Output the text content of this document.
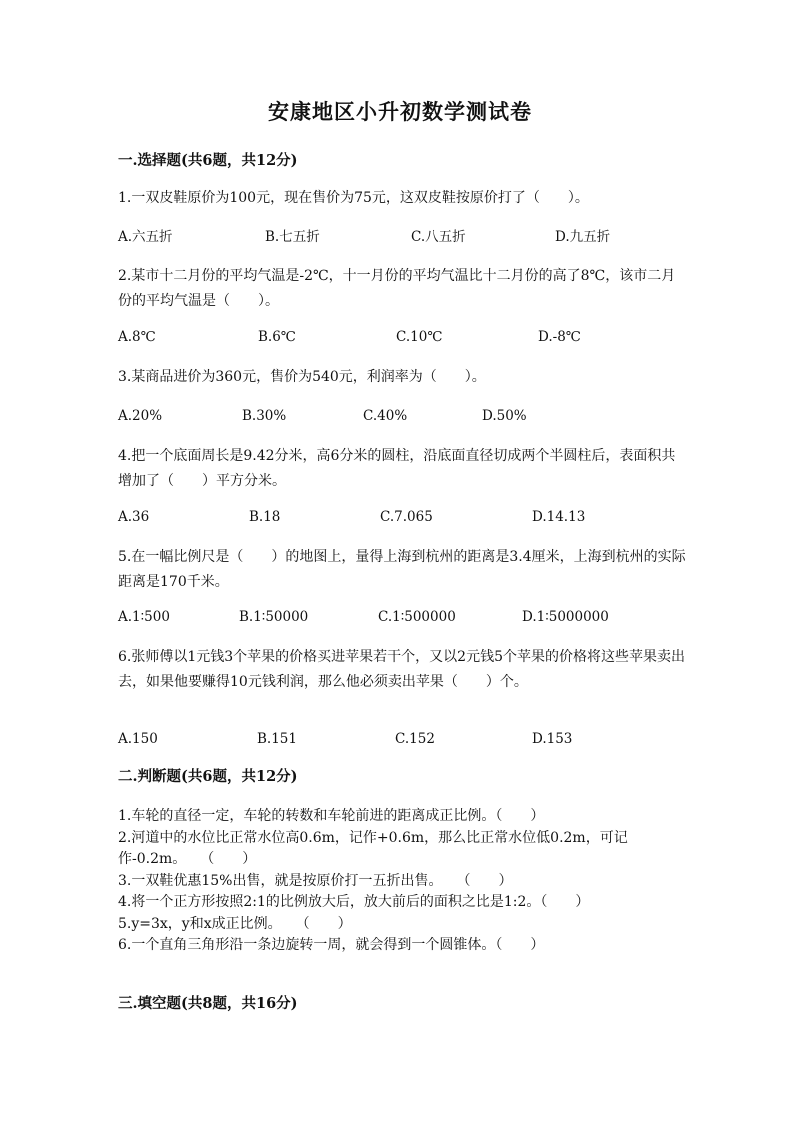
安康地区小升初数学测试卷
一.选择题(共6题，共12分)
1.一双皮鞋原价为100元，现在售价为75元，这双皮鞋按原价打了（　　）。
A.六五折	B.七五折	C.八五折	D.九五折
2.某市十二月份的平均气温是-2℃，十一月份的平均气温比十二月份的高了8℃，该市二月份的平均气温是（　　）。
A.8℃	B.6℃	C.10℃	D.-8℃
3.某商品进价为360元，售价为540元，利润率为（　　）。
A.20%	B.30%	C.40%	D.50%
4.把一个底面周长是9.42分米，高6分米的圆柱，沿底面直径切成两个半圆柱后，表面积共增加了（　　）平方分米。
A.36	B.18	C.7.065	D.14.13
5.在一幅比例尺是（　　）的地图上，量得上海到杭州的距离是3.4厘米，上海到杭州的实际距离是170千米。
A.1∶500	B.1∶50000	C.1∶500000	D.1∶5000000
6.张师傅以1元钱3个苹果的价格买进苹果若干个，又以2元钱5个苹果的价格将这些苹果卖出去，如果他要赚得10元钱利润，那么他必须卖出苹果（　　）个。
A.150	B.151	C.152	D.153
二.判断题(共6题，共12分)
1.车轮的直径一定，车轮的转数和车轮前进的距离成正比例。（　　）
2.河道中的水位比正常水位高0.6m，记作+0.6m，那么比正常水位低0.2m，可记作-0.2m。　　（　　）
3.一双鞋优惠15%出售，就是按原价打一五折出售。　　（　　）
4.将一个正方形按照2:1的比例放大后，放大前后的面积之比是1:2。（　　）
5.y=3x，y和x成正比例。　　（　　）
6.一个直角三角形沿一条边旋转一周，就会得到一个圆锥体。（　　）
三.填空题(共8题，共16分)
